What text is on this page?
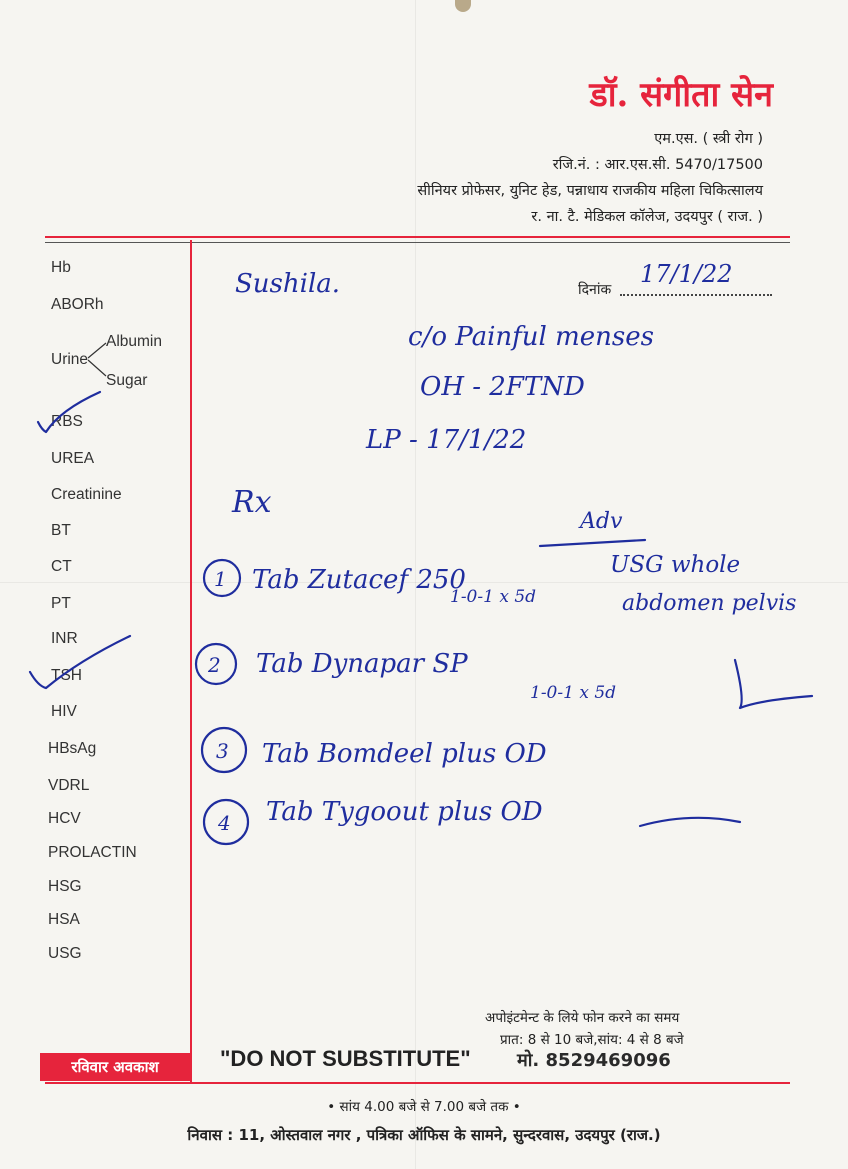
डॉ. संगीता सेन
एम.एस. ( स्त्री रोग )
रजि.नं. : आर.एस.सी. 5470/17500
सीनियर प्रोफेसर, युनिट हेड, पन्नाधाय राजकीय महिला चिकित्सालय
र. ना. टै. मेडिकल कॉलेज, उदयपुर ( राज. )
Hb
ABORh
Urine
Albumin
Sugar
RBS
UREA
Creatinine
BT
CT
PT
INR
TSH
HIV
HBsAg
VDRL
HCV
PROLACTIN
HSG
HSA
USG
दिनांक
Sushila.	17/1/22
c/o Painful menses
OH - 2FTND
LP - 17/1/22
Rx
Adv
USG whole
abdomen pelvis
1
2
3
4
Tab Zutacef 250
1-0-1 x 5d
Tab Dynapar SP
1-0-1 x 5d
Tab Bomdeel plus OD
Tab Tygoout plus OD
अपोइंटमेन्ट के लिये फोन करने का समय
प्रात: 8 से 10 बजे,सांय: 4 से 8 बजे
मो. 8529469096
रविवार अवकाश	"DO NOT SUBSTITUTE"
• सांय 4.00 बजे से 7.00 बजे तक •
निवास : 11, ओस्तवाल नगर , पत्रिका ऑफिस के सामने, सुन्दरवास, उदयपुर (राज.)
